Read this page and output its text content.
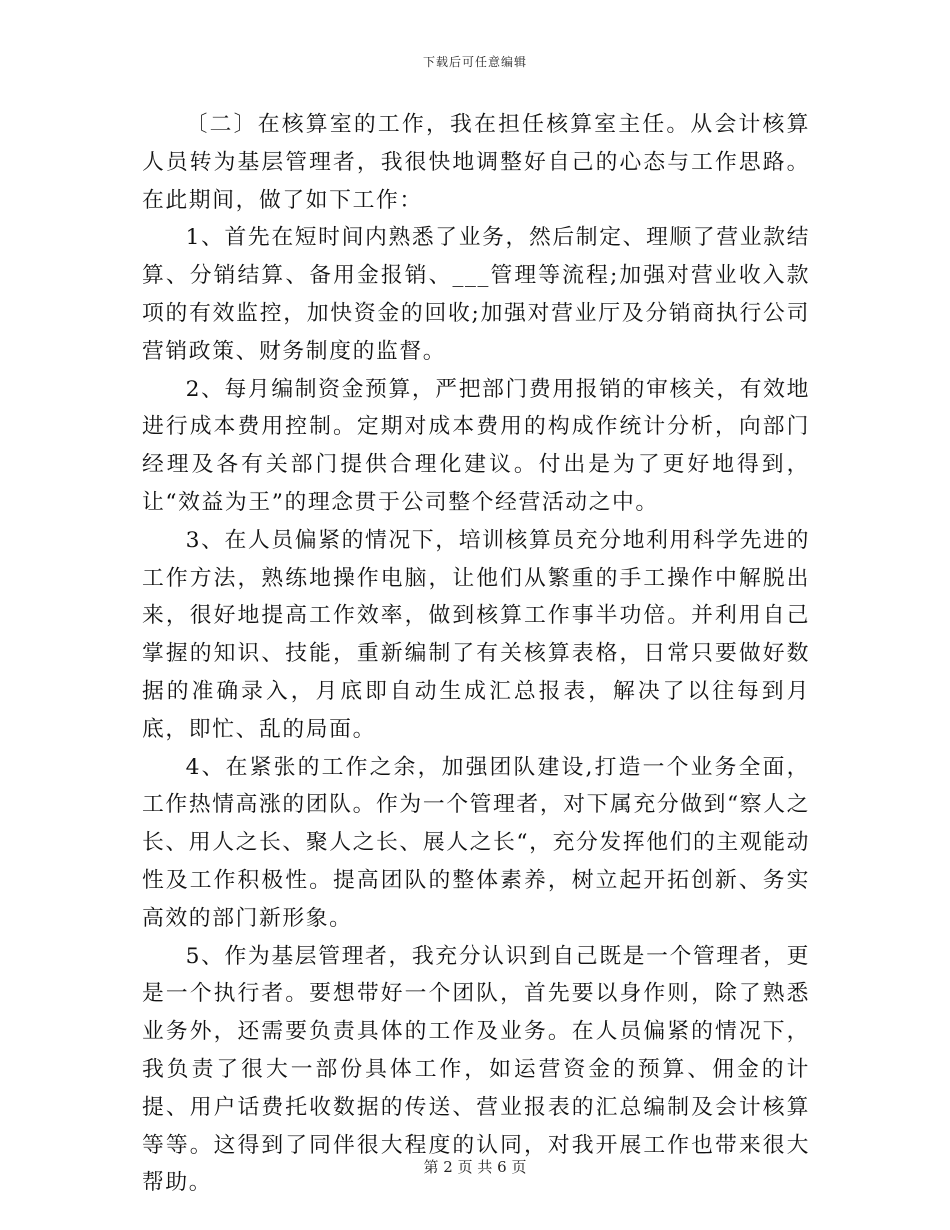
下载后可任意编辑

〔二〕在核算室的工作，我在担任核算室主任。从会计核算人员转为基层管理者，我很快地调整好自己的心态与工作思路。在此期间，做了如下工作：

1、首先在短时间内熟悉了业务，然后制定、理顺了营业款结算、分销结算、备用金报销、___管理等流程;加强对营业收入款项的有效监控，加快资金的回收;加强对营业厅及分销商执行公司营销政策、财务制度的监督。

2、每月编制资金预算，严把部门费用报销的审核关，有效地进行成本费用控制。定期对成本费用的构成作统计分析，向部门经理及各有关部门提供合理化建议。付出是为了更好地得到，让“效益为王”的理念贯于公司整个经营活动之中。

3、在人员偏紧的情况下，培训核算员充分地利用科学先进的工作方法，熟练地操作电脑，让他们从繁重的手工操作中解脱出来，很好地提高工作效率，做到核算工作事半功倍。并利用自己掌握的知识、技能，重新编制了有关核算表格，日常只要做好数据的准确录入，月底即自动生成汇总报表，解决了以往每到月底，即忙、乱的局面。

4、在紧张的工作之余，加强团队建设,打造一个业务全面，工作热情高涨的团队。作为一个管理者，对下属充分做到“察人之长、用人之长、聚人之长、展人之长“，充分发挥他们的主观能动性及工作积极性。提高团队的整体素养，树立起开拓创新、务实高效的部门新形象。

5、作为基层管理者，我充分认识到自己既是一个管理者，更是一个执行者。要想带好一个团队，首先要以身作则，除了熟悉业务外，还需要负责具体的工作及业务。在人员偏紧的情况下，我负责了很大一部份具体工作，如运营资金的预算、佣金的计提、用户话费托收数据的传送、营业报表的汇总编制及会计核算等等。这得到了同伴很大程度的认同，对我开展工作也带来很大帮助。

第 2 页 共 6 页
